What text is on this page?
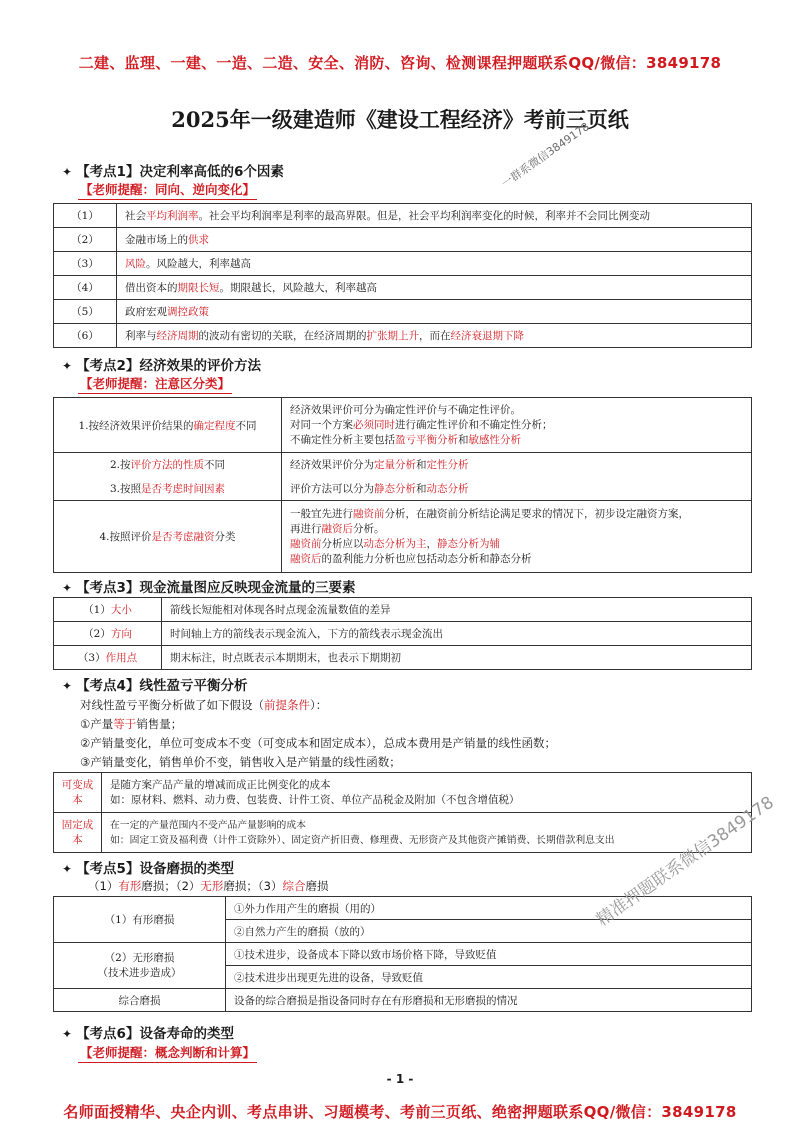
二建、监理、一建、一造、二造、安全、消防、咨询、检测课程押题联系QQ/微信：3849178
2025年一级建造师《建设工程经济》考前三页纸
一群系微信3849178
✦ 【考点1】决定利率高低的6个因素
【老师提醒：同向、逆向变化】
（1）	社会平均利润率。社会平均利润率是利率的最高界限。但是，社会平均利润率变化的时候，利率并不会同比例变动
（2）	金融市场上的供求
（3）	风险。风险越大，利率越高
（4）	借出资本的期限长短。期限越长，风险越大，利率越高
（5）	政府宏观调控政策
（6）	利率与经济周期的波动有密切的关联，在经济周期的扩张期上升，而在经济衰退期下降
✦ 【考点2】经济效果的评价方法
【老师提醒：注意区分类】
1.按经济效果评价结果的确定程度不同	经济效果评价可分为确定性评价与不确定性评价。
对同一个方案必须同时进行确定性评价和不确定性分析；
不确定性分析主要包括盈亏平衡分析和敏感性分析

2.按评价方法的性质不同	经济效果评价分为定量分析和定性分析
3.按照是否考虑时间因素	评价方法可以分为静态分析和动态分析
4.按照评价是否考虑融资分类	一般宜先进行融资前分析，在融资前分析结论满足要求的情况下，初步设定融资方案，
再进行融资后分析。
融资前分析应以动态分析为主，静态分析为辅
融资后的盈利能力分析也应包括动态分析和静态分析
✦ 【考点3】现金流量图应反映现金流量的三要素
（1）大小	箭线长短能相对体现各时点现金流量数值的差异
（2）方向	时间轴上方的箭线表示现金流入，下方的箭线表示现金流出
（3）作用点	期末标注，时点既表示本期期末，也表示下期期初
✦ 【考点4】线性盈亏平衡分析
对线性盈亏平衡分析做了如下假设（前提条件）：
①产量等于销售量；
②产销量变化，单位可变成本不变（可变成本和固定成本），总成本费用是产销量的线性函数；
③产销量变化，销售单价不变，销售收入是产销量的线性函数；
可变成本	是随方案产品产量的增减而成正比例变化的成本
如：原材料、燃料、动力费、包装费、计件工资、单位产品税金及附加（不包含增值税）

固定成本	在一定的产量范围内不受产品产量影响的成本
如：固定工资及福利费（计件工资除外）、固定资产折旧费、修理费、无形资产及其他资产摊销费、长期借款利息支出
✦ 【考点5】设备磨损的类型
（1）有形磨损；（2）无形磨损；（3）综合磨损
（1）有形磨损	①外力作用产生的磨损（用的）
	②自然力产生的磨损（放的）

（2）无形磨损
（技术进步造成）	①技术进步，设备成本下降以致市场价格下降，导致贬值
	②技术进步出现更先进的设备，导致贬值
综合磨损	设备的综合磨损是指设备同时存在有形磨损和无形磨损的情况
精准押题联系微信3849178
✦ 【考点6】设备寿命的类型
【老师提醒：概念判断和计算】
- 1 -
名师面授精华、央企内训、考点串讲、习题模考、考前三页纸、绝密押题联系QQ/微信：3849178
